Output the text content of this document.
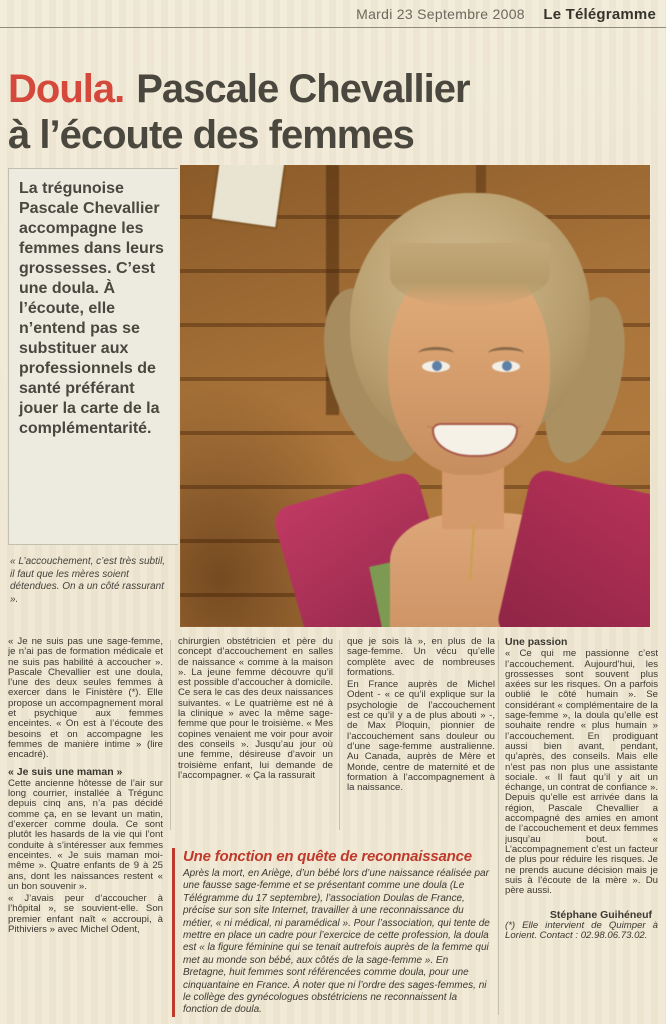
Mardi 23 Septembre 2008 Le Télégramme
Doula. Pascale Chevallier
à l’écoute des femmes

La trégunoise Pascale Chevallier accompagne les femmes dans leurs grossesses. C’est une doula. À l’écoute, elle n’entend pas se substituer aux professionnels de santé préférant jouer la carte de la complémentarité.

« L’accouchement, c’est très subtil, il faut que les mères soient détendues. On a un côté rassurant ».

« Je ne suis pas une sage-femme, je n’ai pas de formation médicale et ne suis pas habilité à accoucher ». Pascale Chevallier est une doula, l’une des deux seules femmes à exercer dans le Finistère (*). Elle propose un accompagnement moral et psychique aux femmes enceintes. « On est à l’écoute des besoins et on accompagne les femmes de manière intime » (lire encadré).

« Je suis une maman »

Cette ancienne hôtesse de l’air sur long courrier, installée à Trégunc depuis cinq ans, n’a pas décidé comme ça, en se levant un matin, d’exercer comme doula. Ce sont plutôt les hasards de la vie qui l’ont conduite à s’intéresser aux femmes enceintes. « Je suis maman moi-même ». Quatre enfants de 9 à 25 ans, dont les naissances restent « un bon souvenir ».

« J’avais peur d’accoucher à l’hôpital », se souvient-elle. Son premier enfant naît « accroupi, à Pithiviers » avec Michel Odent,

chirurgien obstétricien et père du concept d’accouchement en salles de naissance « comme à la maison ». La jeune femme découvre qu’il est possible d’accoucher à domicile. Ce sera le cas des deux naissances suivantes. « Le quatrième est né à la clinique » avec la même sage-femme que pour le troisième. « Mes copines venaient me voir pour avoir des conseils ». Jusqu’au jour où une femme, désireuse d’avoir un troisième enfant, lui demande de l’accompagner. « Ça la rassurait

que je sois là », en plus de la sage-femme. Un vécu qu’elle complète avec de nombreuses formations.

En France auprès de Michel Odent - « ce qu’il explique sur la psychologie de l’accouchement est ce qu’il y a de plus abouti » -, de Max Ploquin, pionnier de l’accouchement sans douleur ou d’une sage-femme australienne. Au Canada, auprès de Mère et Monde, centre de maternité et de formation à l’accompagnement à la naissance.

Une passion

« Ce qui me passionne c’est l’accouchement. Aujourd’hui, les grossesses sont souvent plus axées sur les risques. On a parfois oublié le côté humain ». Se considérant « complémentaire de la sage-femme », la doula qu’elle est souhaite rendre « plus humain » l’accouchement. En prodiguant aussi bien avant, pendant, qu’après, des conseils. Mais elle n’est pas non plus une assistante sociale. « Il faut qu’il y ait un échange, un contrat de confiance ». Depuis qu’elle est arrivée dans la région, Pascale Chevallier a accompagné des amies en amont de l’accouchement et deux femmes jusqu’au bout. « L’accompagnement c’est un facteur de plus pour réduire les risques. Je ne prends aucune décision mais je suis à l’écoute de la mère ». Du père aussi.

Stéphane Guihéneuf

(*) Elle intervient de Quimper à Lorient. Contact : 02.98.06.73.02.

Une fonction en quête de reconnaissance

Après la mort, en Ariège, d’un bébé lors d’une naissance réalisée par une fausse sage-femme et se présentant comme une doula (Le Télégramme du 17 septembre), l’association Doulas de France, précise sur son site Internet, travailler à une reconnaissance du métier, « ni médical, ni paramédical ». Pour l’association, qui tente de mettre en place un cadre pour l’exercice de cette profession, la doula est « la figure féminine qui se tenait autrefois auprès de la femme qui met au monde son bébé, aux côtés de la sage-femme ». En Bretagne, huit femmes sont référencées comme doula, pour une cinquantaine en France. À noter que ni l’ordre des sages-femmes, ni le collège des gynécologues obstétriciens ne reconnaissent la fonction de doula.
